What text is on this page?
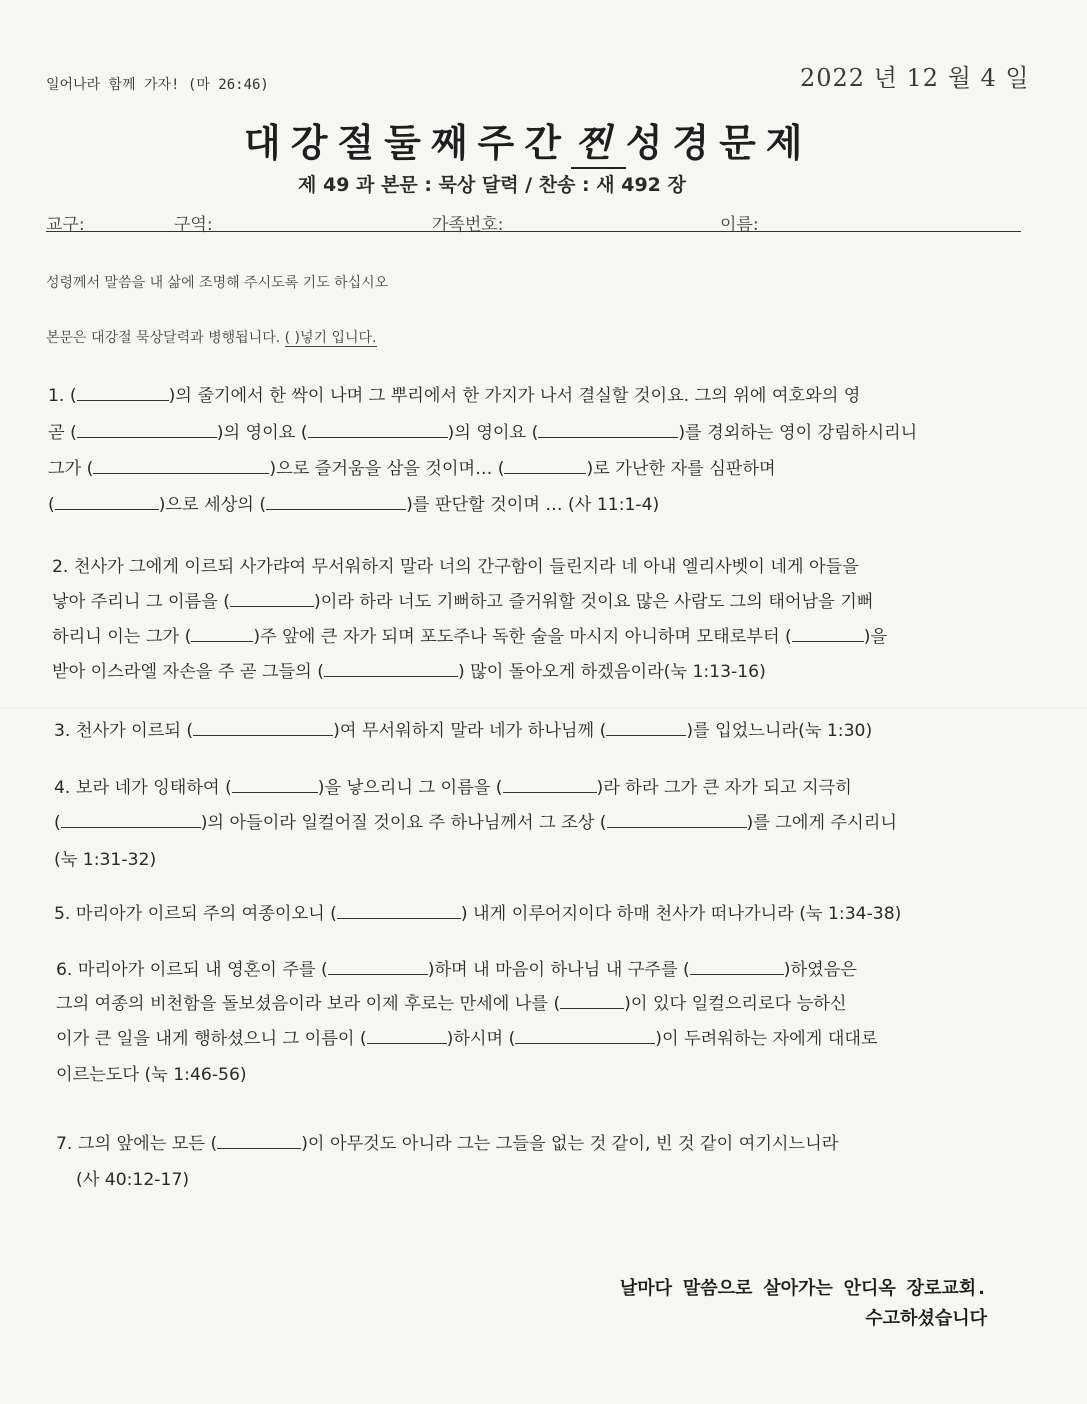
일어나라 함께 가자! (마 26:46)	2022 년 12 월 4 일
대강절둘째주간 찐 성경문제
제 49 과 본문 : 묵상 달력 / 찬송 : 새 492 장
교구:	구역:	가족번호:	이름:
성령께서 말씀을 내 삶에 조명해 주시도록 기도 하십시오
본문은 대강절 묵상달력과 병행됩니다. ( )넣기 입니다.
1. (	)의 줄기에서 한 싹이 나며 그 뿌리에서 한 가지가 나서 결실할 것이요. 그의 위에 여호와의 영
곧 (	)의 영이요 (	)의 영이요 (	)를 경외하는 영이 강림하시리니
그가 (	)으로 즐거움을 삼을 것이며… (	)로 가난한 자를 심판하며
(	)으로 세상의 (	)를 판단할 것이며 … (사 11:1-4)
2. 천사가 그에게 이르되 사가랴여 무서워하지 말라 너의 간구함이 들린지라 네 아내 엘리사벳이 네게 아들을
낳아 주리니 그 이름을 (	)이라 하라 너도 기뻐하고 즐거워할 것이요 많은 사람도 그의 태어남을 기뻐
하리니 이는 그가 (	)주 앞에 큰 자가 되며 포도주나 독한 술을 마시지 아니하며 모태로부터 (	)을
받아 이스라엘 자손을 주 곧 그들의 (	) 많이 돌아오게 하겠음이라(눅 1:13-16)
3. 천사가 이르되 (	)여 무서워하지 말라 네가 하나님께 (	)를 입었느니라(눅 1:30)
4. 보라 네가 잉태하여 (	)을 낳으리니 그 이름을 (	)라 하라 그가 큰 자가 되고 지극히
(	)의 아들이라 일컬어질 것이요 주 하나님께서 그 조상 (	)를 그에게 주시리니
(눅 1:31-32)
5. 마리아가 이르되 주의 여종이오니 (	) 내게 이루어지이다 하매 천사가 떠나가니라 (눅 1:34-38)
6. 마리아가 이르되 내 영혼이 주를 (	)하며 내 마음이 하나님 내 구주를 (	)하였음은
그의 여종의 비천함을 돌보셨음이라 보라 이제 후로는 만세에 나를 (	)이 있다 일컬으리로다 능하신
이가 큰 일을 내게 행하셨으니 그 이름이 (	)하시며 (	)이 두려워하는 자에게 대대로
이르는도다 (눅 1:46-56)
7. 그의 앞에는 모든 (	)이 아무것도 아니라 그는 그들을 없는 것 같이, 빈 것 같이 여기시느니라
(사 40:12-17)
날마다 말씀으로 살아가는 안디옥 장로교회.
수고하셨습니다
